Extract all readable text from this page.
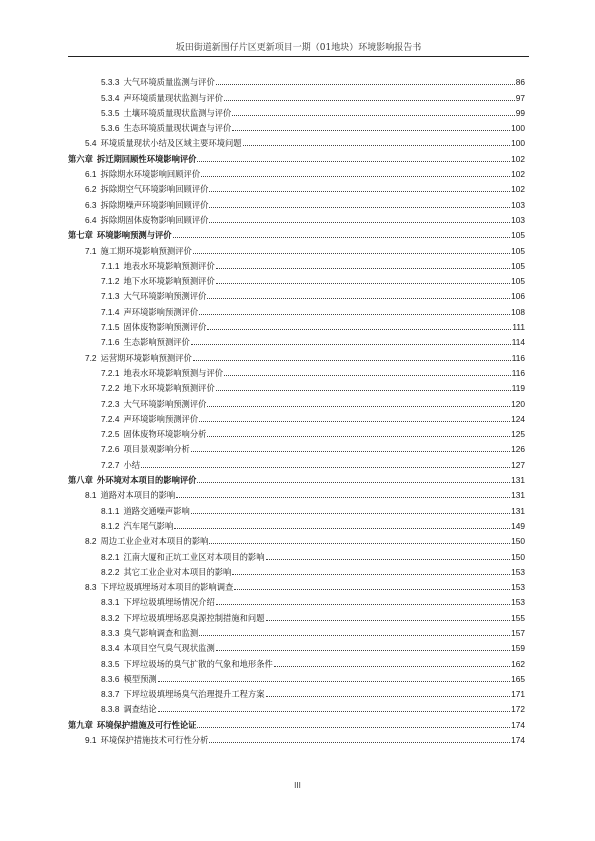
坂田街道新围仔片区更新项目一期（01地块）环境影响报告书
5.3.3 大气环境质量监测与评价	86
5.3.4 声环境质量现状监测与评价	97
5.3.5 土壤环境质量现状监测与评价	99
5.3.6 生态环境质量现状调查与评价	100
5.4 环境质量现状小结及区域主要环境问题	100
第六章 拆迁期回顾性环境影响评价	102
6.1 拆除期水环境影响回顾评价	102
6.2 拆除期空气环境影响回顾评价	102
6.3 拆除期噪声环境影响回顾评价	103
6.4 拆除期固体废物影响回顾评价	103
第七章 环境影响预测与评价	105
7.1 施工期环境影响预测评价	105
7.1.1 地表水环境影响预测评价	105
7.1.2 地下水环境影响预测评价	105
7.1.3 大气环境影响预测评价	106
7.1.4 声环境影响预测评价	108
7.1.5 固体废物影响预测评价	111
7.1.6 生态影响预测评价	114
7.2 运营期环境影响预测评价	116
7.2.1 地表水环境影响预测与评价	116
7.2.2 地下水环境影响预测评价	119
7.2.3 大气环境影响预测评价	120
7.2.4 声环境影响预测评价	124
7.2.5 固体废物环境影响分析	125
7.2.6 项目景观影响分析	126
7.2.7 小结	127
第八章 外环境对本项目的影响评价	131
8.1 道路对本项目的影响	131
8.1.1 道路交通噪声影响	131
8.1.2 汽车尾气影响	149
8.2 周边工业企业对本项目的影响	150
8.2.1 江南大厦和正坑工业区对本项目的影响	150
8.2.2 其它工业企业对本项目的影响	153
8.3 下坪垃圾填埋场对本项目的影响调查	153
8.3.1 下坪垃圾填埋场情况介绍	153
8.3.2 下坪垃圾填埋场恶臭源控制措施和问题	155
8.3.3 臭气影响调查和监测	157
8.3.4 本项目空气臭气现状监测	159
8.3.5 下坪垃圾场的臭气扩散的气象和地形条件	162
8.3.6 模型预测	165
8.3.7 下坪垃圾填埋场臭气治理提升工程方案	171
8.3.8 调查结论	172
第九章 环境保护措施及可行性论证	174
9.1 环境保护措施技术可行性分析	174
III
